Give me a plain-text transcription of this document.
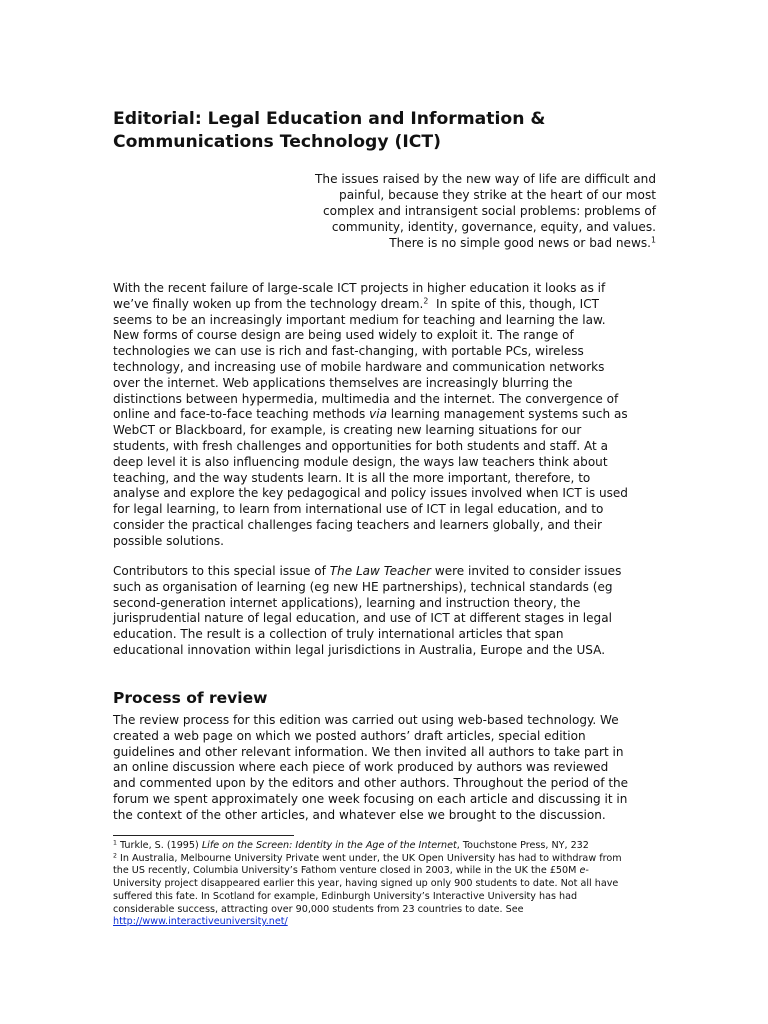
Editorial: Legal Education and Information &
Communications Technology (ICT)
The issues raised by the new way of life are difficult and
painful, because they strike at the heart of our most
complex and intransigent social problems: problems of
community, identity, governance, equity, and values.
There is no simple good news or bad news.$^1$
With the recent failure of large-scale ICT projects in higher education it looks as if
we’ve finally woken up from the technology dream.$^2$ In spite of this, though, ICT
seems to be an increasingly important medium for teaching and learning the law.
New forms of course design are being used widely to exploit it. The range of
technologies we can use is rich and fast-changing, with portable PCs, wireless
technology, and increasing use of mobile hardware and communication networks
over the internet. Web applications themselves are increasingly blurring the
distinctions between hypermedia, multimedia and the internet. The convergence of
online and face-to-face teaching methods via learning management systems such as
WebCT or Blackboard, for example, is creating new learning situations for our
students, with fresh challenges and opportunities for both students and staff. At a
deep level it is also influencing module design, the ways law teachers think about
teaching, and the way students learn. It is all the more important, therefore, to
analyse and explore the key pedagogical and policy issues involved when ICT is used
for legal learning, to learn from international use of ICT in legal education, and to
consider the practical challenges facing teachers and learners globally, and their
possible solutions.
Contributors to this special issue of The Law Teacher were invited to consider issues
such as organisation of learning (eg new HE partnerships), technical standards (eg
second-generation internet applications), learning and instruction theory, the
jurisprudential nature of legal education, and use of ICT at different stages in legal
education. The result is a collection of truly international articles that span
educational innovation within legal jurisdictions in Australia, Europe and the USA.
Process of review
The review process for this edition was carried out using web-based technology. We
created a web page on which we posted authors’ draft articles, special edition
guidelines and other relevant information. We then invited all authors to take part in
an online discussion where each piece of work produced by authors was reviewed
and commented upon by the editors and other authors. Throughout the period of the
forum we spent approximately one week focusing on each article and discussing it in
the context of the other articles, and whatever else we brought to the discussion.
$^1$ Turkle, S. (1995) Life on the Screen: Identity in the Age of the Internet, Touchstone Press, NY, 232
$^2$ In Australia, Melbourne University Private went under, the UK Open University has had to withdraw from
the US recently, Columbia University’s Fathom venture closed in 2003, while in the UK the £50M e-
University project disappeared earlier this year, having signed up only 900 students to date. Not all have
suffered this fate. In Scotland for example, Edinburgh University’s Interactive University has had
considerable success, attracting over 90,000 students from 23 countries to date. See
http://www.interactiveuniversity.net/
